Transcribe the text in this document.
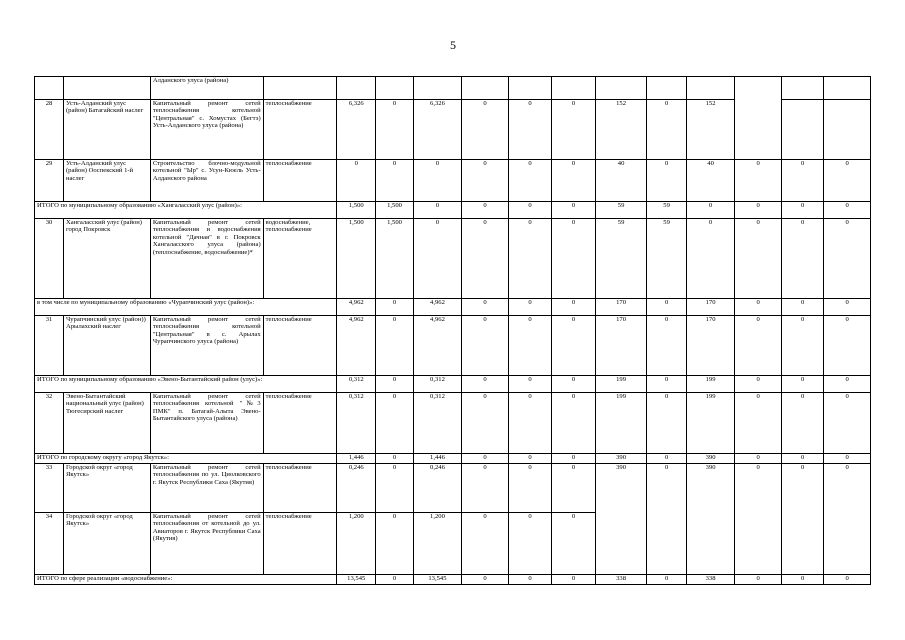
5
		Алданского улуса (района)													
28	Усть-Алданский улус (район) Батагайский наслег	Капитальный ремонт сетей теплоснабжения котельной "Центральная" с. Хомустах (Бегтэ) Усть-Алданского улуса (района)	теплоснабжение	6,326	0	6,326	0	0	0	152	0	152			
29	Усть-Алданский улус (район) Ооспекский 1-й наслег	Строительство блочно-модульной котельной "Ыр" с. Усун-Кюель Усть-Алданского района	теплоснабжение	0	0	0	0	0	0	40	0	40	0	0	0
ИТОГО по муниципальному образованию «Хангаласский улус (район)»:				1,500	1,500	0	0	0	0	59	59	0	0	0	0
30	Хангаласский улус (район) город Покровск	Капитальный ремонт сетей теплоснабжения и водоснабжения котельной "Дачная" в г. Покровск Хангаласского улуса (района)(теплоснабжение, водоснабжение)*	водоснабжение, теплоснабжение	1,500	1,500	0	0	0	0	59	59	0	0	0	0
в том числе по муниципальному образованию «Чурапчинский улус (район)»:				4,962	0	4,962	0	0	0	170	0	170	0	0	0
31	Чурапчинский улус (район)) Арылахский наслег	Капитальный ремонт сетей теплоснабжения котельной "Центральная" в с. Арылах Чурапчинского улуса (района)	теплоснабжение	4,962	0	4,962	0	0	0	170	0	170	0	0	0
ИТОГО по муниципальному образованию «Эвено-Бытантайский район (улус)»:				0,312	0	0,312	0	0	0	199	0	199	0	0	0
32	Эвено-Бытантайский национальный улус (район) Тюгесирский наслег	Капитальный ремонт сетей теплоснабжения котельной "№3 ПМК" п. Батагай-Алыта Эвено-Бытантайского улуса (района)	теплоснабжение	0,312	0	0,312	0	0	0	199	0	199	0	0	0
ИТОГО по городскому округу «город Якутск»:				1,446	0	1,446	0	0	0	390	0	390	0	0	0
33	Городской округ «город Якутск»	Капитальный ремонт сетей теплоснабжения по ул. Циолковского г. Якутск Республики Саха (Якутия)	теплоснабжение	0,246	0	0,246	0	0	0	390	0	390	0	0	0
34	Городской округ «город Якутск»	Капитальный ремонт сетей теплоснабжения от котельной до ул. Авиаторов г. Якутск Республики Саха (Якутия)	теплоснабжение	1,200	0	1,200	0	0	0						
ИТОГО по сфере реализации «водоснабжение»:				13,545	0	13,545	0	0	0	338	0	338	0	0	0
